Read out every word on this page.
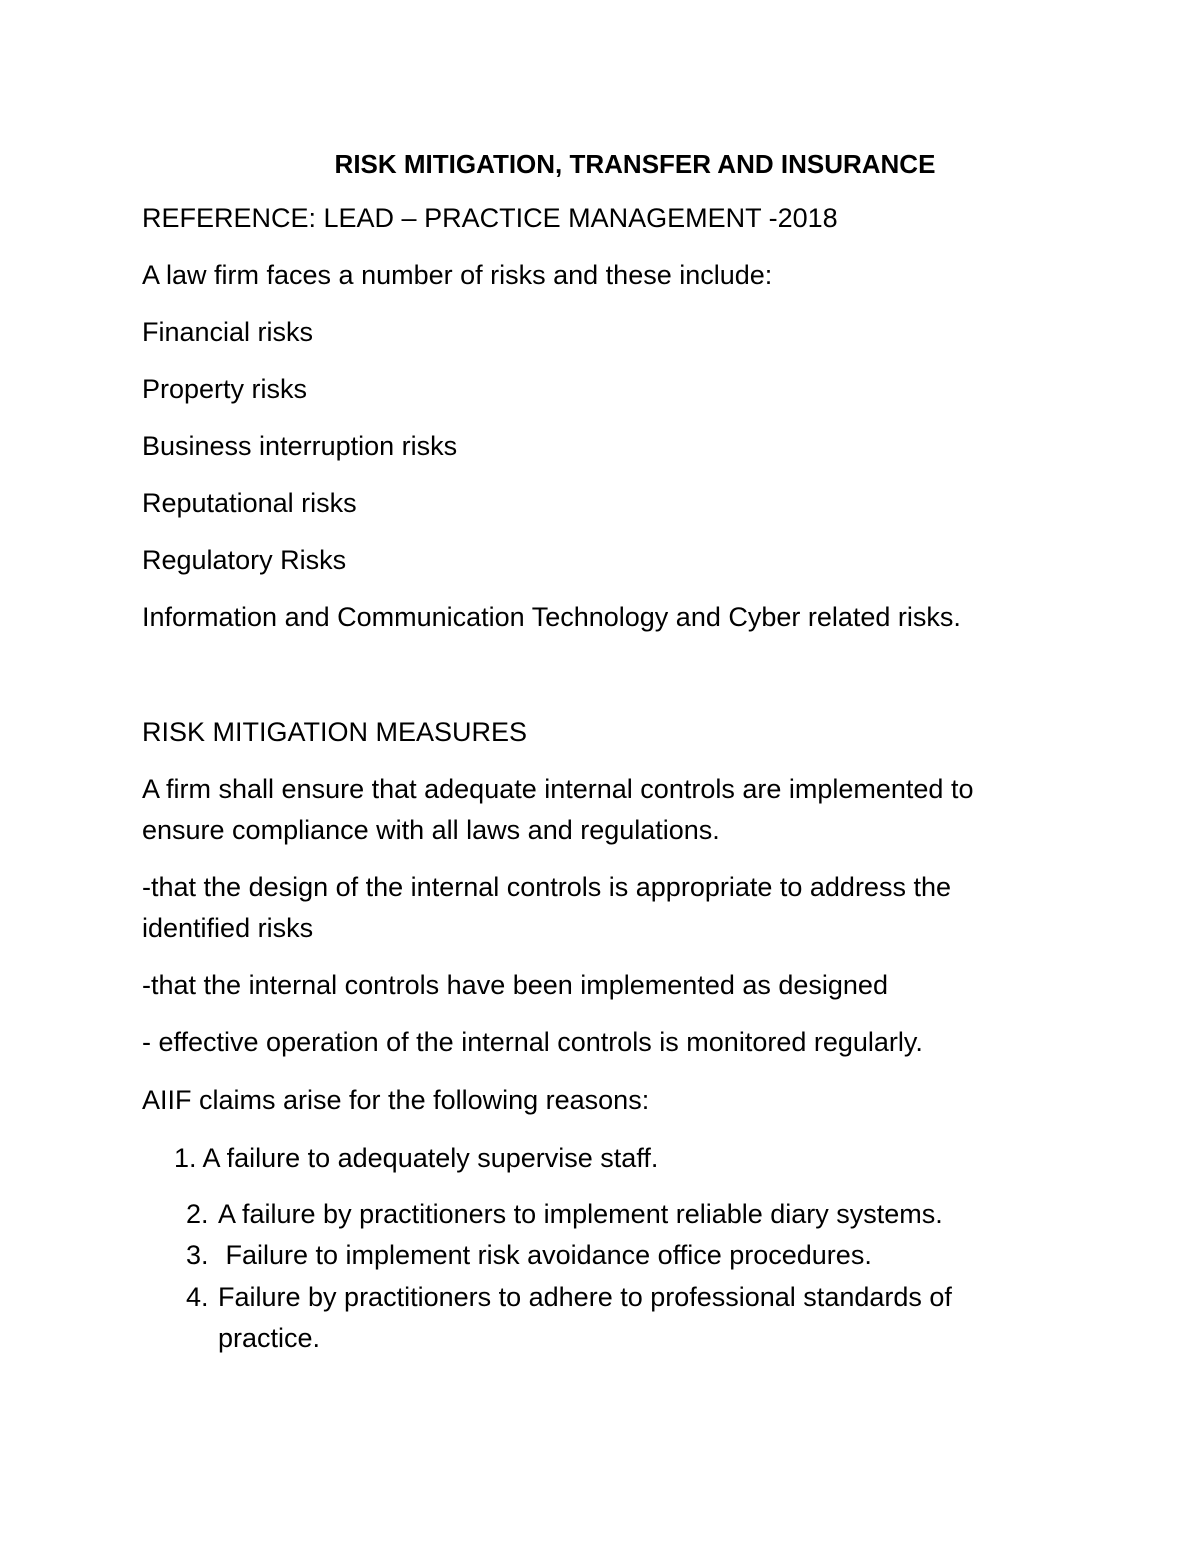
RISK MITIGATION, TRANSFER AND INSURANCE

REFERENCE: LEAD – PRACTICE MANAGEMENT -2018

A law firm faces a number of risks and these include:

Financial risks

Property risks

Business interruption risks

Reputational risks

Regulatory Risks

Information and Communication Technology and Cyber related risks.

RISK MITIGATION MEASURES

A firm shall ensure that adequate internal controls are implemented to

ensure compliance with all laws and regulations.

-that the design of the internal controls is appropriate to address the

identified risks

-that the internal controls have been implemented as designed

- effective operation of the internal controls is monitored regularly.

AIIF claims arise for the following reasons:

1. A failure to adequately supervise staff.
2. A failure by practitioners to implement reliable diary systems.
3. Failure to implement risk avoidance office procedures.
4. Failure by practitioners to adhere to professional standards of
practice.
